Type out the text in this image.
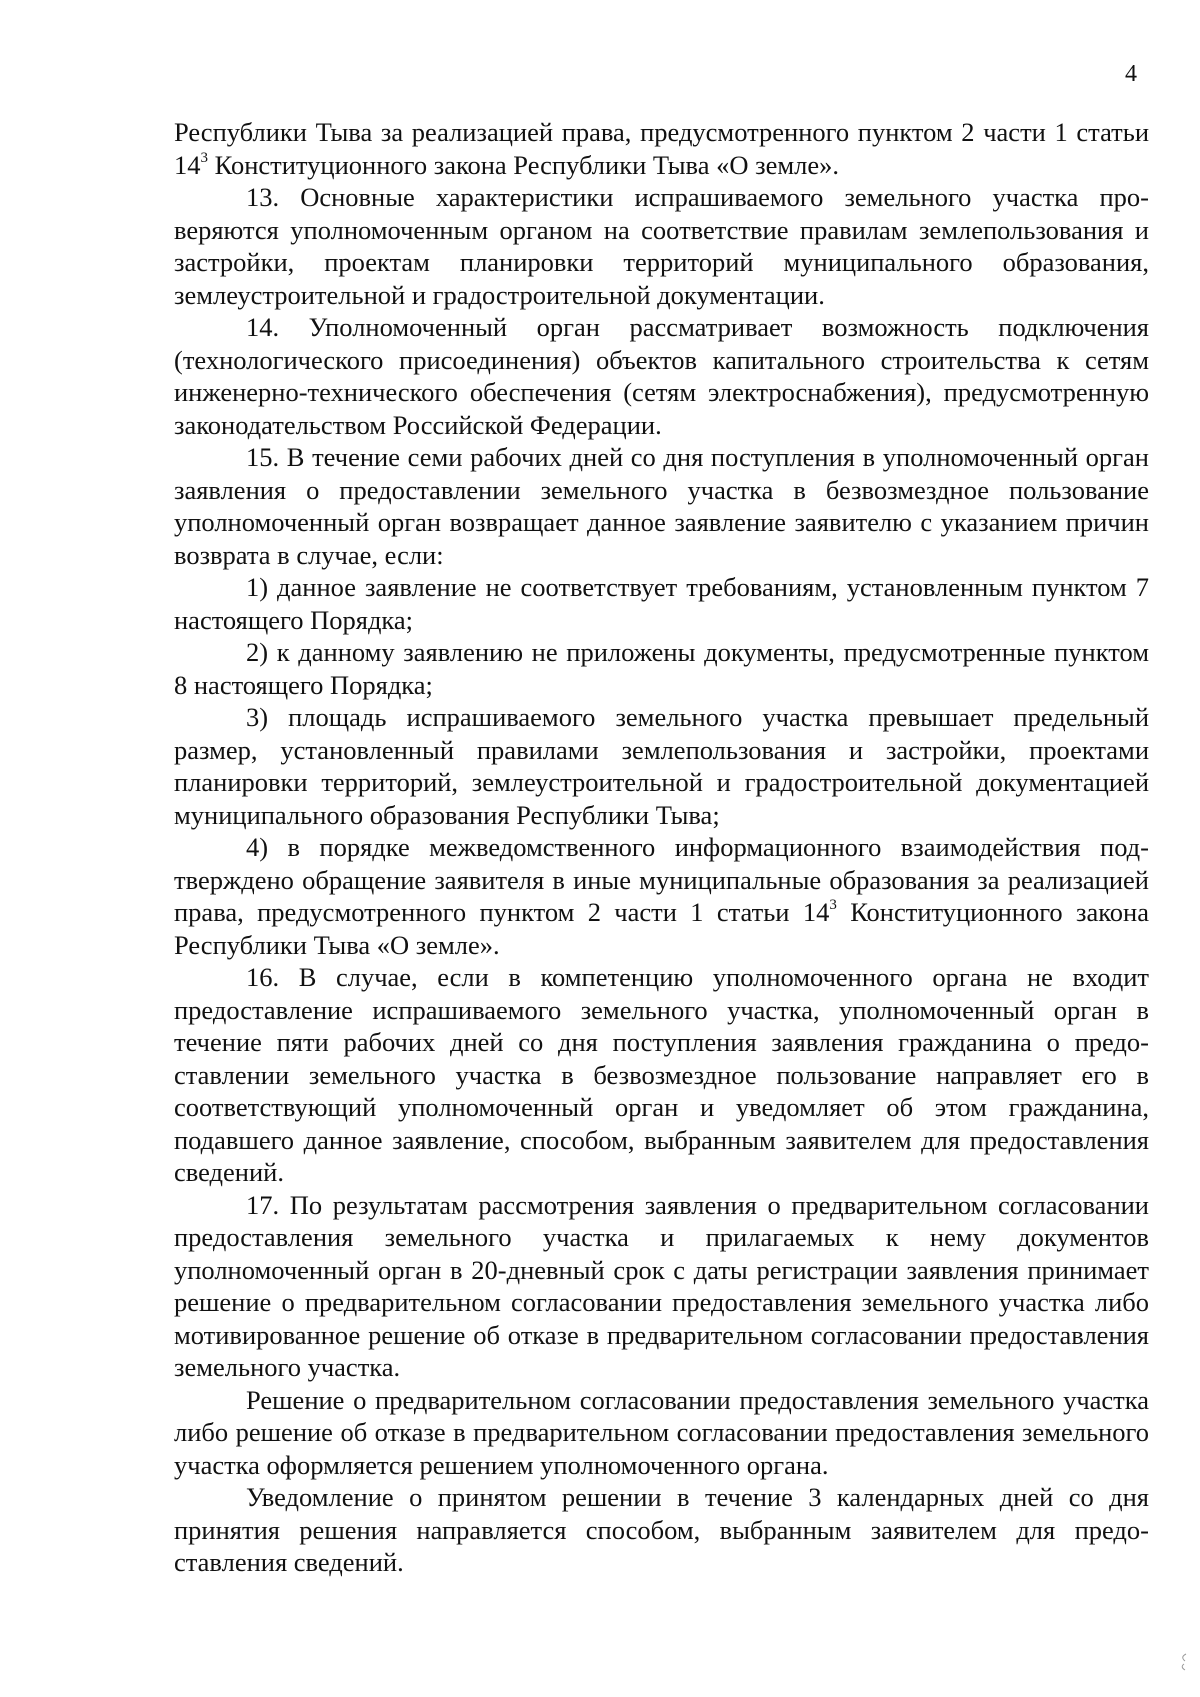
4

Республики Тыва за реализацией права, предусмотренного пунктом 2 части 1 статьи $14^3$ Конституционного закона Республики Тыва «О земле».

13. Основные характеристики испрашиваемого земельного участка проверяются уполномоченным органом на соответствие правилам землепользования и застройки, проектам планировки территорий муниципального образования, землеустроительной и градостроительной документации.

14. Уполномоченный орган рассматривает возможность подключения (технологического присоединения) объектов капитального строительства к сетям инженерно-технического обеспечения (сетям электроснабжения), предусмотренную законодательством Российской Федерации.

15. В течение семи рабочих дней со дня поступления в уполномоченный орган заявления о предоставлении земельного участка в безвозмездное пользование уполномоченный орган возвращает данное заявление заявителю с указанием причин возврата в случае, если:

1) данное заявление не соответствует требованиям, установленным пунктом 7 настоящего Порядка;

2) к данному заявлению не приложены документы, предусмотренные пунктом 8 настоящего Порядка;

3) площадь испрашиваемого земельного участка превышает предельный размер, установленный правилами землепользования и застройки, проектами планировки территорий, землеустроительной и градостроительной документацией муниципального образования Республики Тыва;

4) в порядке межведомственного информационного взаимодействия подтверждено обращение заявителя в иные муниципальные образования за реализацией права, предусмотренного пунктом 2 части 1 статьи $14^3$ Конституционного закона Республики Тыва «О земле».

16. В случае, если в компетенцию уполномоченного органа не входит предоставление испрашиваемого земельного участка, уполномоченный орган в течение пяти рабочих дней со дня поступления заявления гражданина о предоставлении земельного участка в безвозмездное пользование направляет его в соответствующий уполномоченный орган и уведомляет об этом гражданина, подавшего данное заявление, способом, выбранным заявителем для предоставления сведений.

17. По результатам рассмотрения заявления о предварительном согласовании предоставления земельного участка и прилагаемых к нему документов уполномоченный орган в 20-дневный срок с даты регистрации заявления принимает решение о предварительном согласовании предоставления земельного участка либо мотивированное решение об отказе в предварительном согласовании предоставления земельного участка.

Решение о предварительном согласовании предоставления земельного участка либо решение об отказе в предварительном согласовании предоставления земельного участка оформляется решением уполномоченного органа.

Уведомление о принятом решении в течение 3 календарных дней со дня принятия решения направляется способом, выбранным заявителем для предоставления сведений.
